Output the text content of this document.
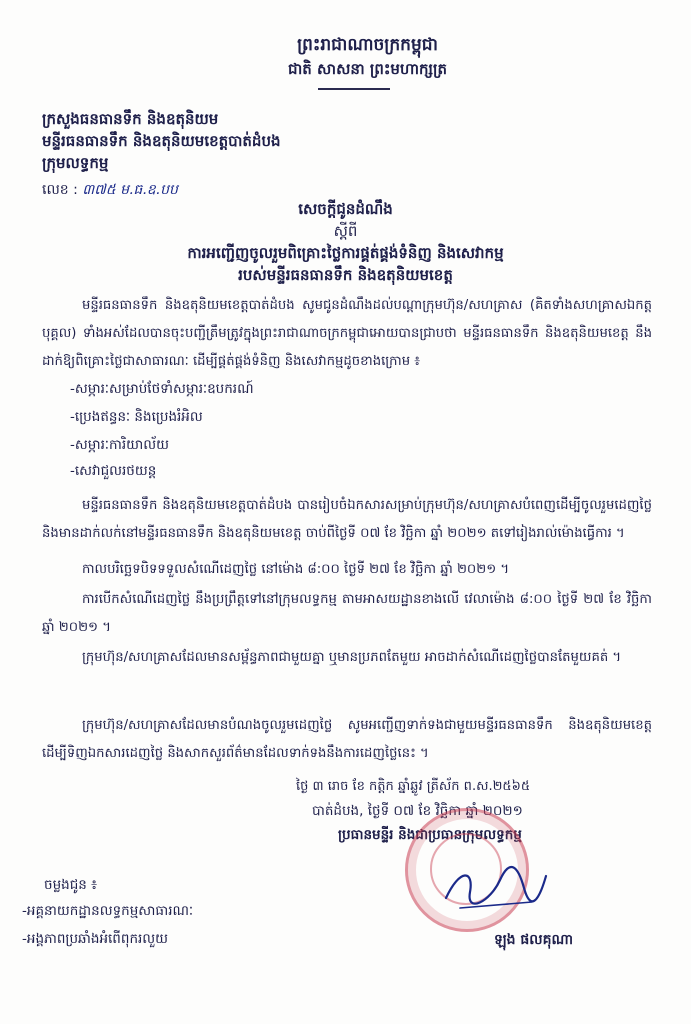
ព្រះរាជាណាចក្រកម្ពុជា
ជាតិ សាសនា ព្រះមហាក្សត្រ
ក្រសួងធនធានទឹក និងឧតុនិយម
មន្ទីរធនធានទឹក និងឧតុនិយមខេត្តបាត់ដំបង
ក្រុមលទ្ធកម្ម
លេខ : ៣៧៥ ម.ធ.ឧ.បប
សេចក្តីជូនដំណឹង
ស្តីពី
ការអញ្ជើញចូលរួមពិគ្រោះថ្លៃការផ្គត់ផ្គង់ទំនិញ និងសេវាកម្ម
របស់មន្ទីរធនធានទឹក និងឧតុនិយមខេត្ត
មន្ទីរធនធានទឹក និងឧតុនិយមខេត្តបាត់ដំបង សូមជូនដំណឹងដល់បណ្តាក្រុមហ៊ុន/សហគ្រាស (គិតទាំងសហគ្រាសឯកត្តបុគ្គល) ទាំងអស់ដែលបានចុះបញ្ជីត្រឹមត្រូវក្នុងព្រះរាជាណាចក្រកម្ពុជាអោយបានជ្រាបថា មន្ទីរធនធានទឹក និងឧតុនិយមខេត្ត នឹងដាក់ឱ្យពិគ្រោះថ្លៃជាសាធារណៈ ដើម្បីផ្គត់ផ្គង់ទំនិញ និងសេវាកម្មដូចខាងក្រោម ៖
-សម្ភារៈសម្រាប់ថែទាំសម្ភារៈឧបករណ៍
-ប្រេងឥន្ធនៈ និងប្រេងរំអិល
-សម្ភារៈការិយាល័យ
-សេវាជួលរថយន្ត
មន្ទីរធនធានទឹក និងឧតុនិយមខេត្តបាត់ដំបង បានរៀបចំឯកសារសម្រាប់ក្រុមហ៊ុន/សហគ្រាសបំពេញដើម្បីចូលរួមដេញថ្លៃ និងមានដាក់លក់នៅមន្ទីរធនធានទឹក និងឧតុនិយមខេត្ត ចាប់ពីថ្ងៃទី ០៧ ខែ វិច្ឆិកា ឆ្នាំ ២០២១ តទៅរៀងរាល់ម៉ោងធ្វើការ ។
កាលបរិច្ឆេទបិទទទួលសំណើដេញថ្លៃ នៅម៉ោង ៨:០០ ថ្ងៃទី ២៧ ខែ វិច្ឆិកា ឆ្នាំ ២០២១ ។
ការបើកសំណើដេញថ្លៃ នឹងប្រព្រឹត្តទៅនៅក្រុមលទ្ធកម្ម តាមអាសយដ្ឋានខាងលើ វេលាម៉ោង ៨:០០ ថ្ងៃទី ២៧ ខែ វិច្ឆិកា ឆ្នាំ ២០២១ ។
ក្រុមហ៊ុន/សហគ្រាសដែលមានសម្ព័ន្ធភាពជាមួយគ្នា ឬមានប្រភពតែមួយ អាចដាក់សំណើដេញថ្លៃបានតែមួយគត់ ។
ក្រុមហ៊ុន/សហគ្រាសដែលមានបំណងចូលរួមដេញថ្លៃ សូមអញ្ជើញទាក់ទងជាមួយមន្ទីរធនធានទឹក និងឧតុនិយមខេត្ត ដើម្បីទិញឯកសារដេញថ្លៃ និងសាកសួរព័ត៌មានដែលទាក់ទងនឹងការដេញថ្លៃនេះ ។
ថ្ងៃ ៣ រោច ខែ កត្តិក ឆ្នាំឆ្លូវ ត្រីស័ក ព.ស.២៥៦៥
បាត់ដំបង, ថ្ងៃទី ០៧ ខែ វិច្ឆិកា ឆ្នាំ ២០២១
ប្រធានមន្ទីរ និងជាប្រធានក្រុមលទ្ធកម្ម
ឡុង ផលគុណា
ចម្លងជូន ៖
-អគ្គនាយកដ្ឋានលទ្ធកម្មសាធារណៈ
-អង្គភាពប្រឆាំងអំពើពុករលួយ
